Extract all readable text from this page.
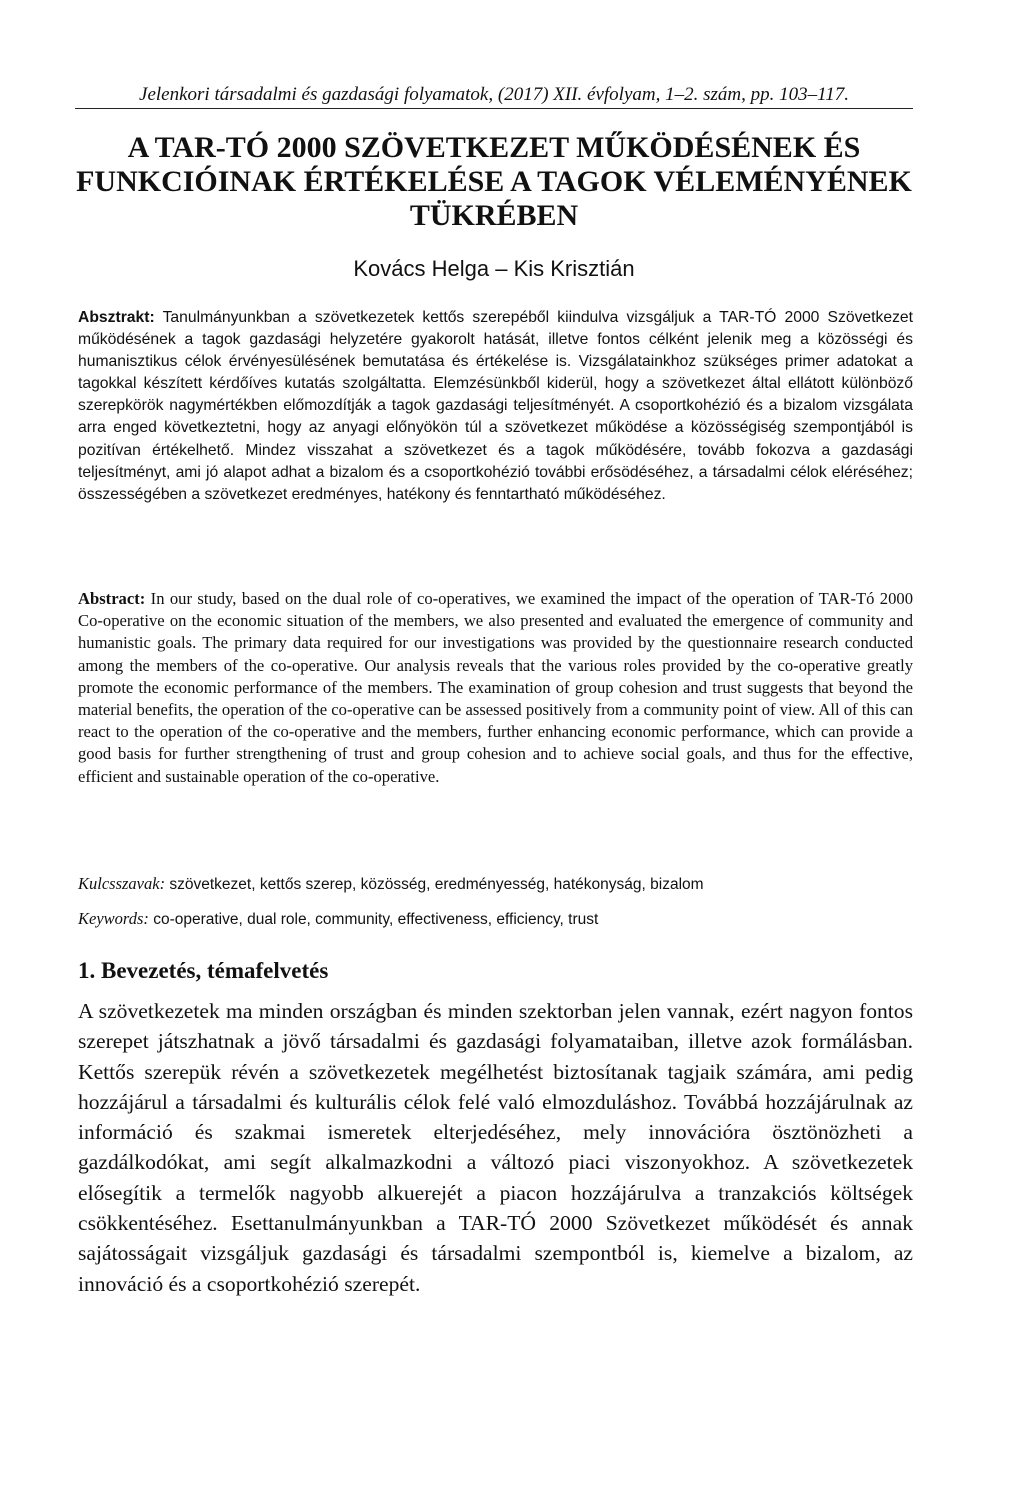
Jelenkori társadalmi és gazdasági folyamatok, (2017) XII. évfolyam, 1–2. szám, pp. 103–117.
A TAR-TÓ 2000 SZÖVETKEZET MŰKÖDÉSÉNEK ÉS
FUNKCIÓINAK ÉRTÉKELÉSE A TAGOK VÉLEMÉNYÉNEK
TÜKRÉBEN
Kovács Helga – Kis Krisztián
Absztrakt: Tanulmányunkban a szövetkezetek kettős szerepéből kiindulva vizsgáljuk a TAR-TÓ 2000 Szövetkezet működésének a tagok gazdasági helyzetére gyakorolt hatását, illetve fontos célként jelenik meg a közösségi és humanisztikus célok érvényesülésének bemutatása és értékelése is. Vizsgálatainkhoz szükséges primer adatokat a tagokkal készített kérdőíves kutatás szolgáltatta. Elemzésünkből kiderül, hogy a szövetkezet által ellátott különböző szerepkörök nagymértékben előmozdítják a tagok gazdasági teljesítményét. A csoportkohézió és a bizalom vizsgálata arra enged következtetni, hogy az anyagi előnyökön túl a szövetkezet működése a közösségiség szempontjából is pozitívan értékelhető. Mindez visszahat a szövetkezet és a tagok működésére, tovább fokozva a gazdasági teljesítményt, ami jó alapot adhat a bizalom és a csoportkohézió további erősödéséhez, a társadalmi célok eléréséhez; összességében a szövetkezet eredményes, hatékony és fenntartható működéséhez.
Abstract: In our study, based on the dual role of co-operatives, we examined the impact of the operation of TAR-Tó 2000 Co-operative on the economic situation of the members, we also presented and evaluated the emergence of community and humanistic goals. The primary data required for our investigations was provided by the questionnaire research conducted among the members of the co-operative. Our analysis reveals that the various roles provided by the co-operative greatly promote the economic performance of the members. The examination of group cohesion and trust suggests that beyond the material benefits, the operation of the co-operative can be assessed positively from a community point of view. All of this can react to the operation of the co-operative and the members, further enhancing economic performance, which can provide a good basis for further strengthening of trust and group cohesion and to achieve social goals, and thus for the effective, efficient and sustainable operation of the co-operative.
Kulcsszavak: szövetkezet, kettős szerep, közösség, eredményesség, hatékonyság, bizalom
Keywords: co-operative, dual role, community, effectiveness, efficiency, trust
1. Bevezetés, témafelvetés
A szövetkezetek ma minden országban és minden szektorban jelen vannak, ezért nagyon fontos szerepet játszhatnak a jövő társadalmi és gazdasági folyamataiban, illetve azok formálásban. Kettős szerepük révén a szövetkezetek megélhetést biztosítanak tagjaik számára, ami pedig hozzájárul a társadalmi és kulturális célok felé való elmozduláshoz. Továbbá hozzájárulnak az információ és szakmai ismeretek elterjedéséhez, mely innovációra ösztönözheti a gazdálkodókat, ami segít alkalmazkodni a változó piaci viszonyokhoz. A szövetkezetek elősegítik a termelők nagyobb alkuerejét a piacon hozzájárulva a tranzakciós költségek csökkentéséhez. Esettanulmányunkban a TAR-TÓ 2000 Szövetkezet működését és annak sajátosságait vizsgáljuk gazdasági és társadalmi szempontból is, kiemelve a bizalom, az innováció és a csoportkohézió szerepét.
